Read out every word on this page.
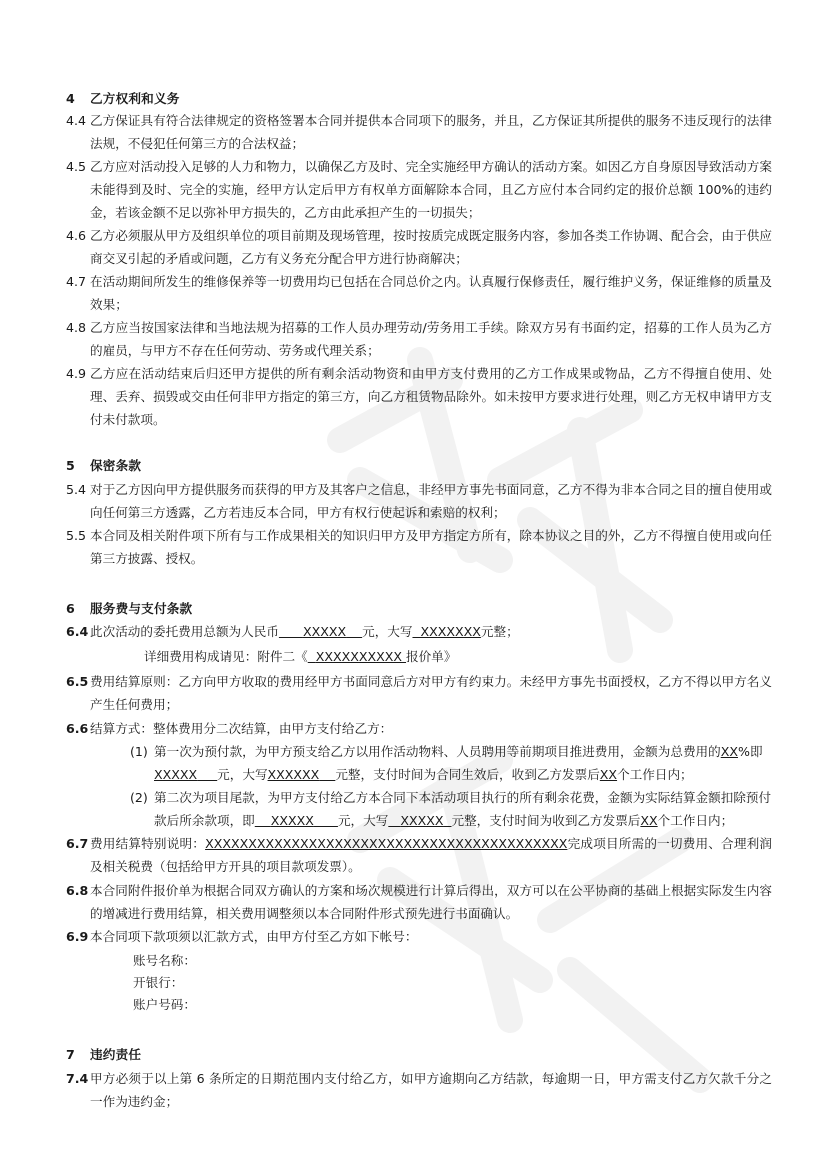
4 乙方权利和义务
4.4 乙方保证具有符合法律规定的资格签署本合同并提供本合同项下的服务，并且，乙方保证其所提供的服务不违反现行的法律法规，不侵犯任何第三方的合法权益；
4.5 乙方应对活动投入足够的人力和物力，以确保乙方及时、完全实施经甲方确认的活动方案。如因乙方自身原因导致活动方案未能得到及时、完全的实施，经甲方认定后甲方有权单方面解除本合同，且乙方应付本合同约定的报价总额 100%的违约金，若该金额不足以弥补甲方损失的，乙方由此承担产生的一切损失；
4.6 乙方必须服从甲方及组织单位的项目前期及现场管理，按时按质完成既定服务内容，参加各类工作协调、配合会，由于供应商交叉引起的矛盾或问题，乙方有义务充分配合甲方进行协商解决；
4.7 在活动期间所发生的维修保养等一切费用均已包括在合同总价之内。认真履行保修责任，履行维护义务，保证维修的质量及效果；
4.8 乙方应当按国家法律和当地法规为招募的工作人员办理劳动/劳务用工手续。除双方另有书面约定，招募的工作人员为乙方的雇员，与甲方不存在任何劳动、劳务或代理关系；
4.9 乙方应在活动结束后归还甲方提供的所有剩余活动物资和由甲方支付费用的乙方工作成果或物品，乙方不得擅自使用、处理、丢弃、损毁或交由任何非甲方指定的第三方，向乙方租赁物品除外。如未按甲方要求进行处理，则乙方无权申请甲方支付未付款项。
5 保密条款
5.4 对于乙方因向甲方提供服务而获得的甲方及其客户之信息，非经甲方事先书面同意，乙方不得为非本合同之目的擅自使用或向任何第三方透露，乙方若违反本合同，甲方有权行使起诉和索赔的权利；
5.5 本合同及相关附件项下所有与工作成果相关的知识归甲方及甲方指定方所有，除本协议之目的外，乙方不得擅自使用或向任第三方披露、授权。
6 服务费与支付条款
6.4 此次活动的委托费用总额为人民币 XXXXX 元，大写 XXXXXXX元整；
详细费用构成请见：附件二《 XXXXXXXXXX 报价单》
6.5 费用结算原则：乙方向甲方收取的费用经甲方书面同意后方对甲方有约束力。未经甲方事先书面授权，乙方不得以甲方名义产生任何费用；
6.6 结算方式：整体费用分二次结算，由甲方支付给乙方：
(1) 第一次为预付款，为甲方预支给乙方以用作活动物料、人员聘用等前期项目推进费用，金额为总费用的XX%即XXXXX 元，大写XXXXXX 元整，支付时间为合同生效后，收到乙方发票后XX个工作日内；
(2) 第二次为项目尾款，为甲方支付给乙方本合同下本活动项目执行的所有剩余花费，金额为实际结算金额扣除预付款后所余款项，即 XXXXX 元，大写 XXXXX 元整，支付时间为收到乙方发票后XX个工作日内；
6.7 费用结算特别说明：XXXXXXXXXXXXXXXXXXXXXXXXXXXXXXXXXXXXXXXXXX完成项目所需的一切费用、合理利润及相关税费（包括给甲方开具的项目款项发票）。
6.8 本合同附件报价单为根据合同双方确认的方案和场次规模进行计算后得出，双方可以在公平协商的基础上根据实际发生内容的增减进行费用结算，相关费用调整须以本合同附件形式预先进行书面确认。
6.9 本合同项下款项须以汇款方式，由甲方付至乙方如下帐号：
账号名称：
开银行：
账户号码：
7 违约责任
7.4 甲方必须于以上第 6 条所定的日期范围内支付给乙方，如甲方逾期向乙方结款，每逾期一日，甲方需支付乙方欠款千分之一作为违约金；
